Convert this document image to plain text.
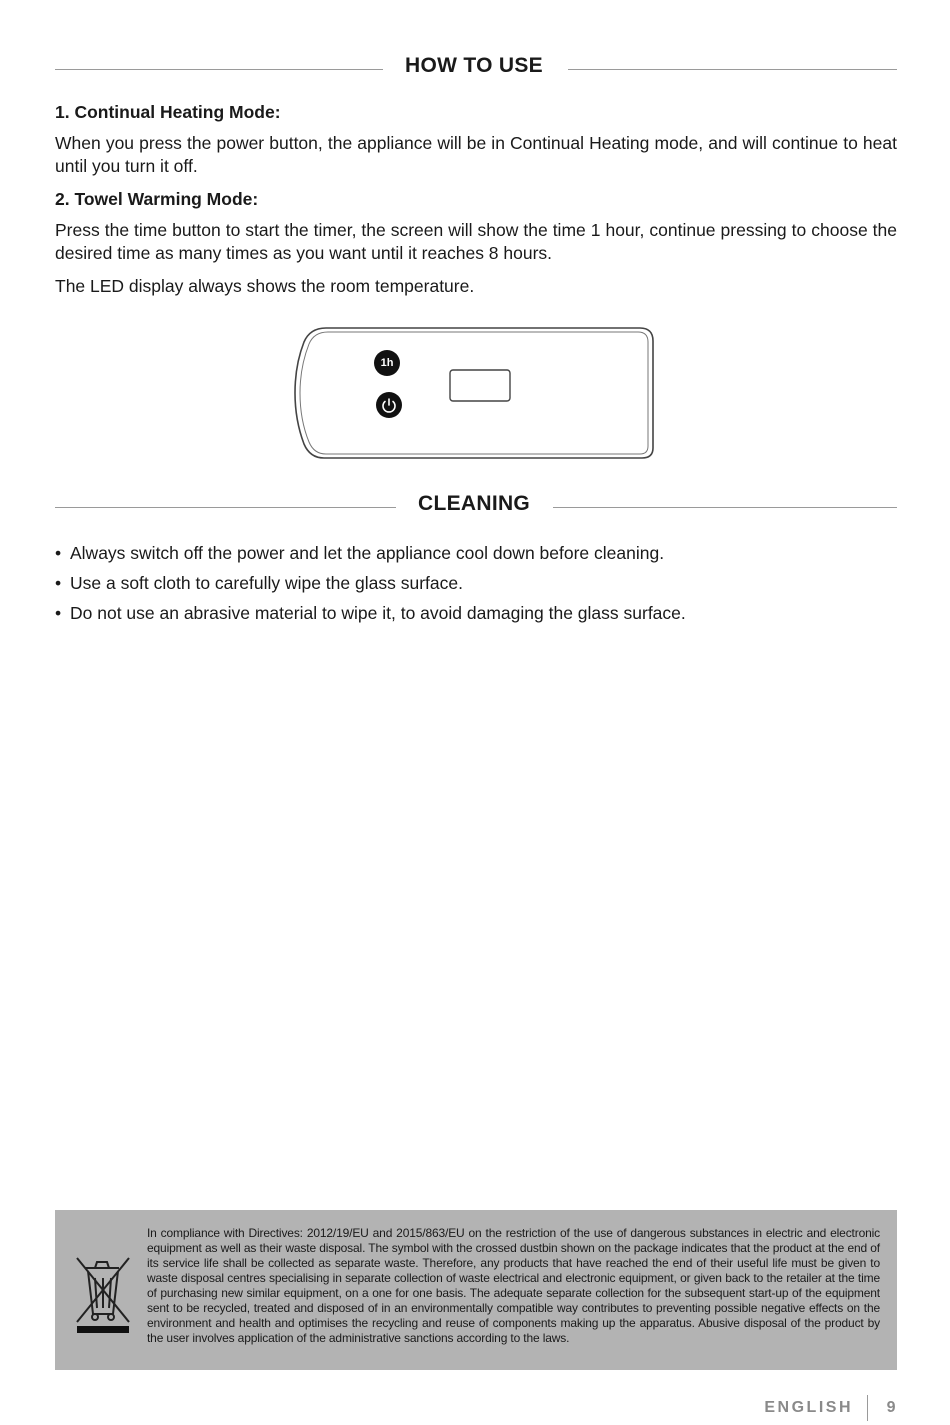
HOW TO USE
1. Continual Heating Mode:
When you press the power button, the appliance will be in Continual Heating mode, and will continue to heat until you turn it off.
2. Towel Warming Mode:
Press the time button to start the timer, the screen will show the time 1 hour, continue pressing to choose the desired time as many times as you want until it reaches 8 hours.
The LED display always shows the room temperature.
1h
CLEANING
• Always switch off the power and let the appliance cool down before cleaning.
• Use a soft cloth to carefully wipe the glass surface.
• Do not use an abrasive material to wipe it, to avoid damaging the glass surface.
In compliance with Directives: 2012/19/EU and 2015/863/EU on the restriction of the use of dangerous substances in electric and electronic equipment as well as their waste disposal. The symbol with the crossed dustbin shown on the package indicates that the product at the end of its service life shall be collected as separate waste. Therefore, any products that have reached the end of their useful life must be given to waste disposal centres specialising in separate collection of waste electrical and electronic equipment, or given back to the retailer at the time of purchasing new similar equipment, on a one for one basis. The adequate separate collection for the subsequent start-up of the equipment sent to be recycled, treated and disposed of in an environmentally compatible way contributes to preventing possible negative effects on the environment and health and optimises the recycling and reuse of components making up the apparatus. Abusive disposal of the product by the user involves application of the administrative sanctions according to the laws.
ENGLISH 9
